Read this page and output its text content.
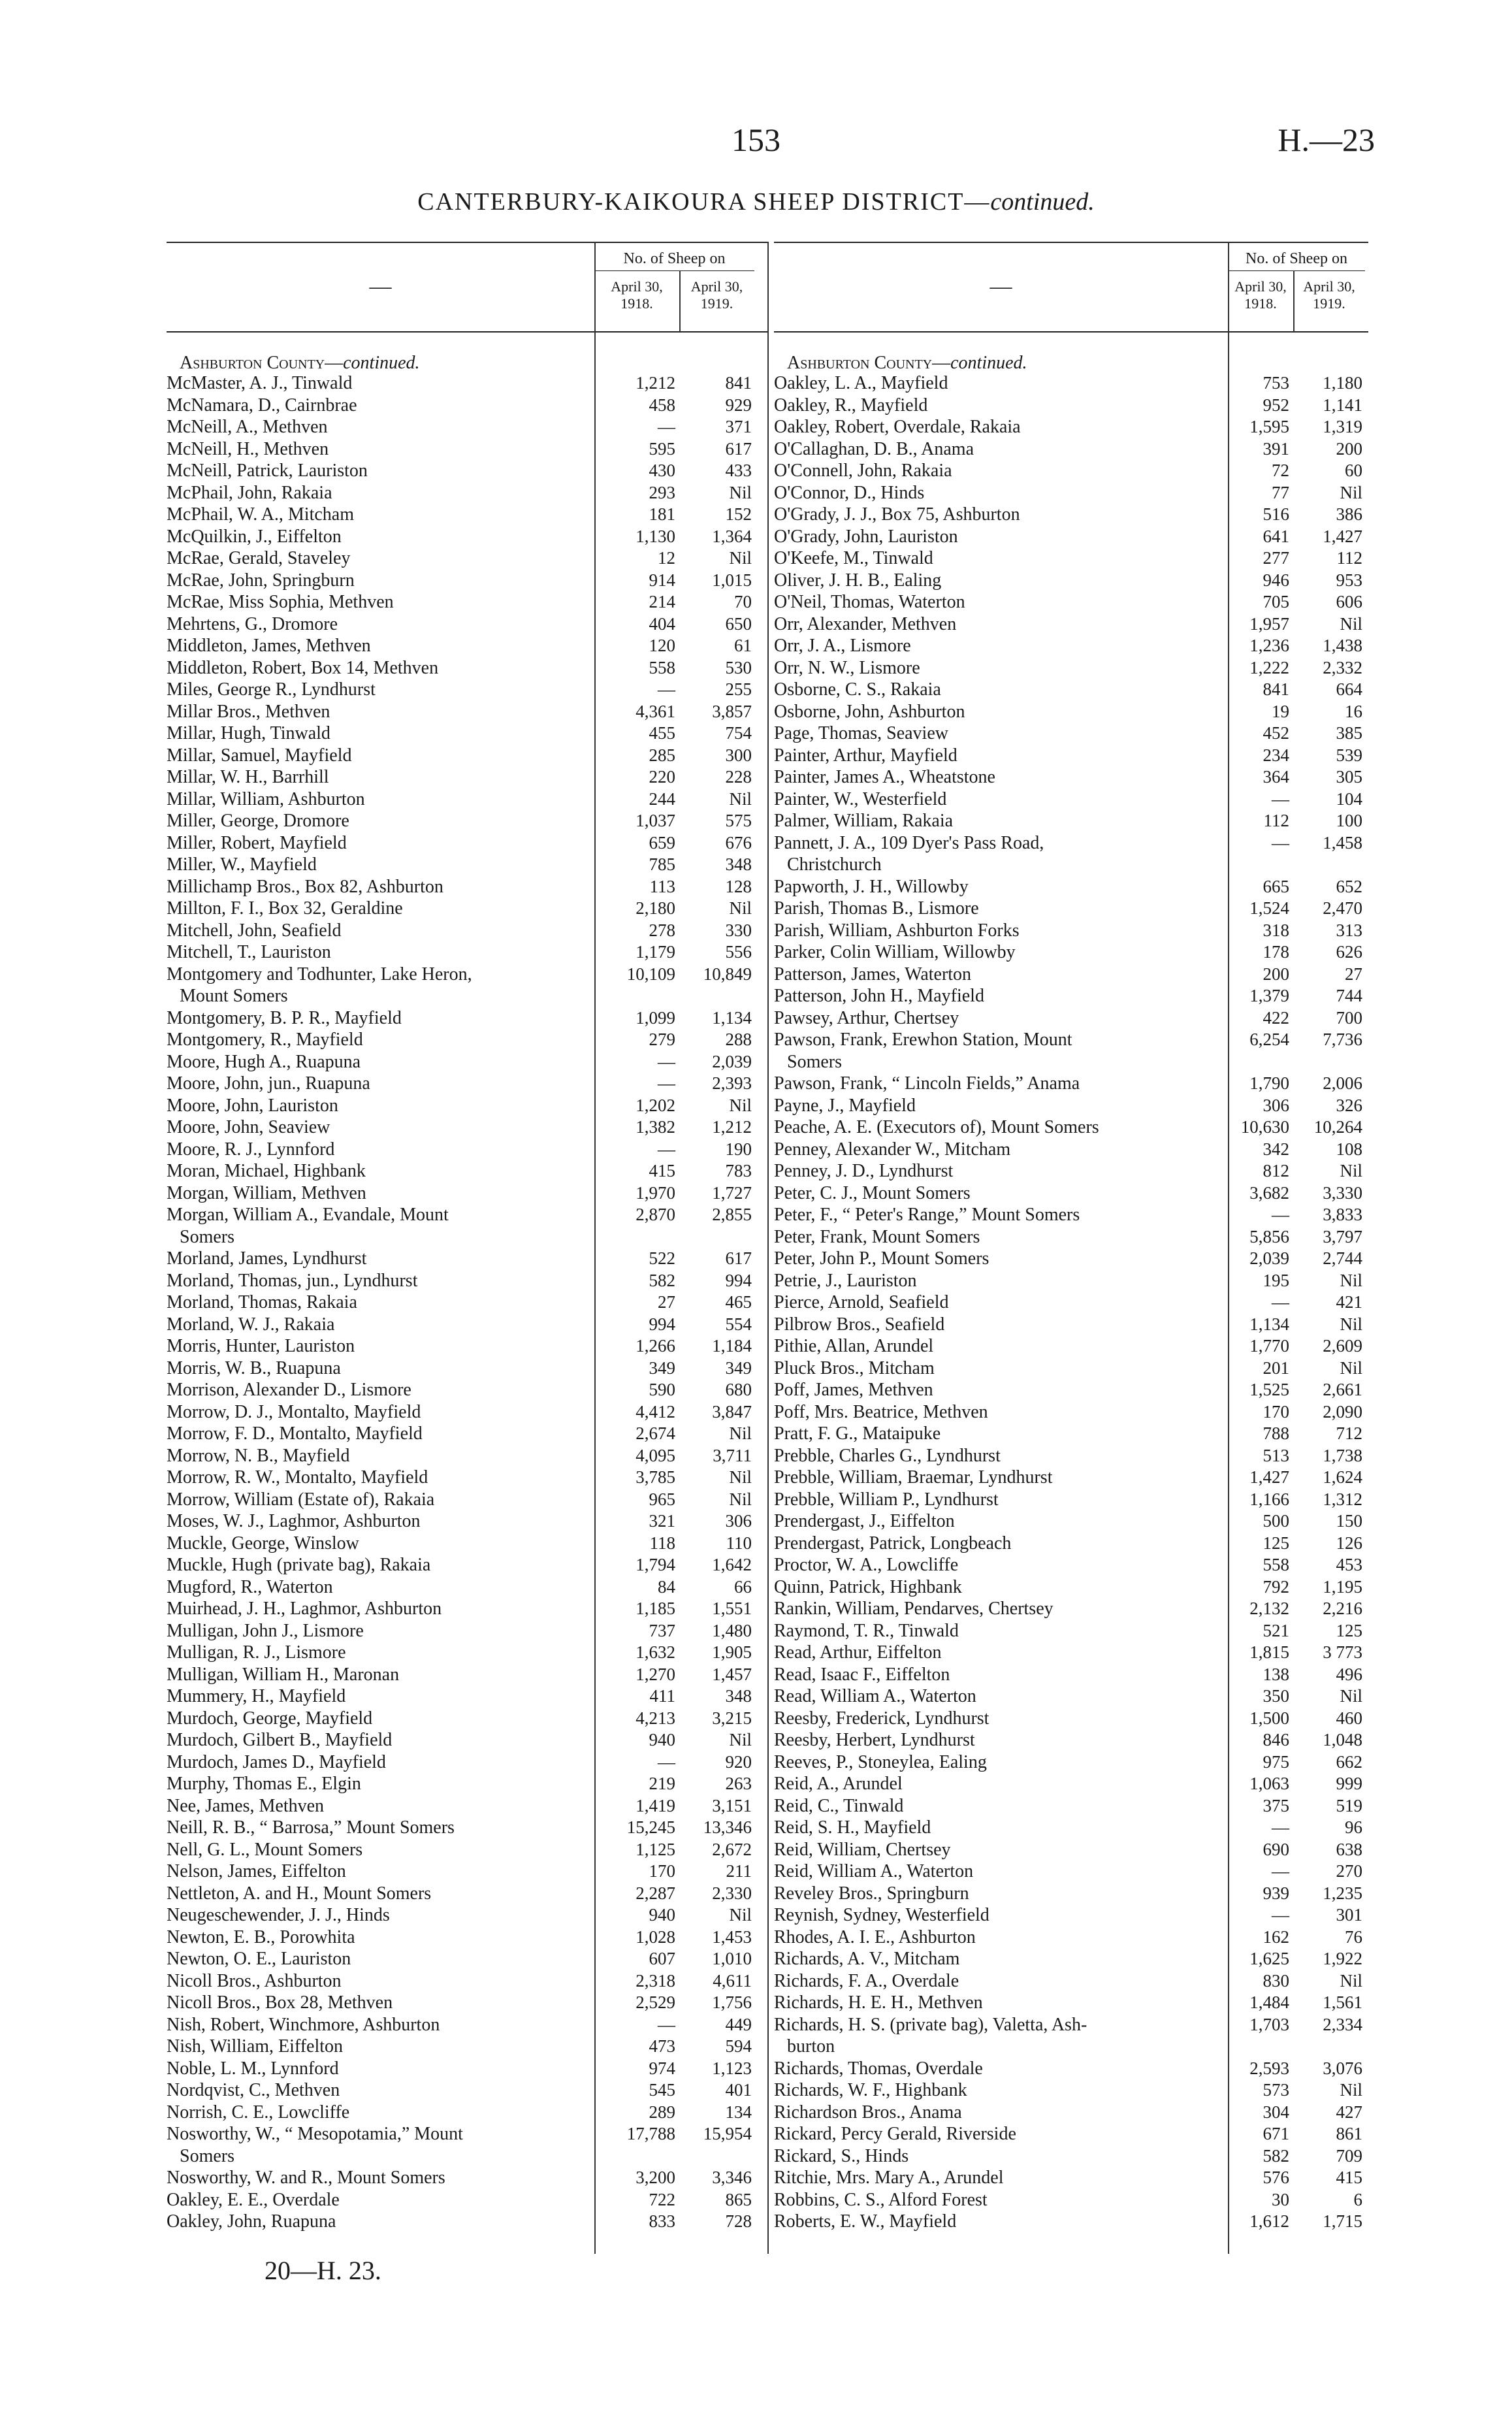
153	H.—23
CANTERBURY-KAIKOURA SHEEP DISTRICT—continued.
—
No. of Sheep on
April 30, 1918.
April 30, 1919.
Ashburton County—continued.
McMaster, A. J., Tinwald	1,212	841
McNamara, D., Cairnbrae	458	929
McNeill, A., Methven	—	371
McNeill, H., Methven	595	617
McNeill, Patrick, Lauriston	430	433
McPhail, John, Rakaia	293	Nil
McPhail, W. A., Mitcham	181	152
McQuilkin, J., Eiffelton	1,130	1,364
McRae, Gerald, Staveley	12	Nil
McRae, John, Springburn	914	1,015
McRae, Miss Sophia, Methven	214	70
Mehrtens, G., Dromore	404	650
Middleton, James, Methven	120	61
Middleton, Robert, Box 14, Methven	558	530
Miles, George R., Lyndhurst	—	255
Millar Bros., Methven	4,361	3,857
Millar, Hugh, Tinwald	455	754
Millar, Samuel, Mayfield	285	300
Millar, W. H., Barrhill	220	228
Millar, William, Ashburton	244	Nil
Miller, George, Dromore	1,037	575
Miller, Robert, Mayfield	659	676
Miller, W., Mayfield	785	348
Millichamp Bros., Box 82, Ashburton	113	128
Millton, F. I., Box 32, Geraldine	2,180	Nil
Mitchell, John, Seafield	278	330
Mitchell, T., Lauriston	1,179	556
Montgomery and Todhunter, Lake Heron,	10,109	10,849
Mount Somers
Montgomery, B. P. R., Mayfield	1,099	1,134
Montgomery, R., Mayfield	279	288
Moore, Hugh A., Ruapuna	—	2,039
Moore, John, jun., Ruapuna	—	2,393
Moore, John, Lauriston	1,202	Nil
Moore, John, Seaview	1,382	1,212
Moore, R. J., Lynnford	—	190
Moran, Michael, Highbank	415	783
Morgan, William, Methven	1,970	1,727
Morgan, William A., Evandale, Mount	2,870	2,855
Somers
Morland, James, Lyndhurst	522	617
Morland, Thomas, jun., Lyndhurst	582	994
Morland, Thomas, Rakaia	27	465
Morland, W. J., Rakaia	994	554
Morris, Hunter, Lauriston	1,266	1,184
Morris, W. B., Ruapuna	349	349
Morrison, Alexander D., Lismore	590	680
Morrow, D. J., Montalto, Mayfield	4,412	3,847
Morrow, F. D., Montalto, Mayfield	2,674	Nil
Morrow, N. B., Mayfield	4,095	3,711
Morrow, R. W., Montalto, Mayfield	3,785	Nil
Morrow, William (Estate of), Rakaia	965	Nil
Moses, W. J., Laghmor, Ashburton	321	306
Muckle, George, Winslow	118	110
Muckle, Hugh (private bag), Rakaia	1,794	1,642
Mugford, R., Waterton	84	66
Muirhead, J. H., Laghmor, Ashburton	1,185	1,551
Mulligan, John J., Lismore	737	1,480
Mulligan, R. J., Lismore	1,632	1,905
Mulligan, William H., Maronan	1,270	1,457
Mummery, H., Mayfield	411	348
Murdoch, George, Mayfield	4,213	3,215
Murdoch, Gilbert B., Mayfield	940	Nil
Murdoch, James D., Mayfield	—	920
Murphy, Thomas E., Elgin	219	263
Nee, James, Methven	1,419	3,151
Neill, R. B., “ Barrosa,” Mount Somers	15,245	13,346
Nell, G. L., Mount Somers	1,125	2,672
Nelson, James, Eiffelton	170	211
Nettleton, A. and H., Mount Somers	2,287	2,330
Neugeschewender, J. J., Hinds	940	Nil
Newton, E. B., Porowhita	1,028	1,453
Newton, O. E., Lauriston	607	1,010
Nicoll Bros., Ashburton	2,318	4,611
Nicoll Bros., Box 28, Methven	2,529	1,756
Nish, Robert, Winchmore, Ashburton	—	449
Nish, William, Eiffelton	473	594
Noble, L. M., Lynnford	974	1,123
Nordqvist, C., Methven	545	401
Norrish, C. E., Lowcliffe	289	134
Nosworthy, W., “ Mesopotamia,” Mount	17,788	15,954
Somers
Nosworthy, W. and R., Mount Somers	3,200	3,346
Oakley, E. E., Overdale	722	865
Oakley, John, Ruapuna	833	728
—
No. of Sheep on
April 30, 1918.
April 30, 1919.
Ashburton County—continued.
Oakley, L. A., Mayfield	753	1,180
Oakley, R., Mayfield	952	1,141
Oakley, Robert, Overdale, Rakaia	1,595	1,319
O'Callaghan, D. B., Anama	391	200
O'Connell, John, Rakaia	72	60
O'Connor, D., Hinds	77	Nil
O'Grady, J. J., Box 75, Ashburton	516	386
O'Grady, John, Lauriston	641	1,427
O'Keefe, M., Tinwald	277	112
Oliver, J. H. B., Ealing	946	953
O'Neil, Thomas, Waterton	705	606
Orr, Alexander, Methven	1,957	Nil
Orr, J. A., Lismore	1,236	1,438
Orr, N. W., Lismore	1,222	2,332
Osborne, C. S., Rakaia	841	664
Osborne, John, Ashburton	19	16
Page, Thomas, Seaview	452	385
Painter, Arthur, Mayfield	234	539
Painter, James A., Wheatstone	364	305
Painter, W., Westerfield	—	104
Palmer, William, Rakaia	112	100
Pannett, J. A., 109 Dyer's Pass Road,	—	1,458
Christchurch
Papworth, J. H., Willowby	665	652
Parish, Thomas B., Lismore	1,524	2,470
Parish, William, Ashburton Forks	318	313
Parker, Colin William, Willowby	178	626
Patterson, James, Waterton	200	27
Patterson, John H., Mayfield	1,379	744
Pawsey, Arthur, Chertsey	422	700
Pawson, Frank, Erewhon Station, Mount	6,254	7,736
Somers
Pawson, Frank, “ Lincoln Fields,” Anama	1,790	2,006
Payne, J., Mayfield	306	326
Peache, A. E. (Executors of), Mount Somers	10,630	10,264
Penney, Alexander W., Mitcham	342	108
Penney, J. D., Lyndhurst	812	Nil
Peter, C. J., Mount Somers	3,682	3,330
Peter, F., “ Peter's Range,” Mount Somers	—	3,833
Peter, Frank, Mount Somers	5,856	3,797
Peter, John P., Mount Somers	2,039	2,744
Petrie, J., Lauriston	195	Nil
Pierce, Arnold, Seafield	—	421
Pilbrow Bros., Seafield	1,134	Nil
Pithie, Allan, Arundel	1,770	2,609
Pluck Bros., Mitcham	201	Nil
Poff, James, Methven	1,525	2,661
Poff, Mrs. Beatrice, Methven	170	2,090
Pratt, F. G., Mataipuke	788	712
Prebble, Charles G., Lyndhurst	513	1,738
Prebble, William, Braemar, Lyndhurst	1,427	1,624
Prebble, William P., Lyndhurst	1,166	1,312
Prendergast, J., Eiffelton	500	150
Prendergast, Patrick, Longbeach	125	126
Proctor, W. A., Lowcliffe	558	453
Quinn, Patrick, Highbank	792	1,195
Rankin, William, Pendarves, Chertsey	2,132	2,216
Raymond, T. R., Tinwald	521	125
Read, Arthur, Eiffelton	1,815	3 773
Read, Isaac F., Eiffelton	138	496
Read, William A., Waterton	350	Nil
Reesby, Frederick, Lyndhurst	1,500	460
Reesby, Herbert, Lyndhurst	846	1,048
Reeves, P., Stoneylea, Ealing	975	662
Reid, A., Arundel	1,063	999
Reid, C., Tinwald	375	519
Reid, S. H., Mayfield	—	96
Reid, William, Chertsey	690	638
Reid, William A., Waterton	—	270
Reveley Bros., Springburn	939	1,235
Reynish, Sydney, Westerfield	—	301
Rhodes, A. I. E., Ashburton	162	76
Richards, A. V., Mitcham	1,625	1,922
Richards, F. A., Overdale	830	Nil
Richards, H. E. H., Methven	1,484	1,561
Richards, H. S. (private bag), Valetta, Ash-	1,703	2,334
burton
Richards, Thomas, Overdale	2,593	3,076
Richards, W. F., Highbank	573	Nil
Richardson Bros., Anama	304	427
Rickard, Percy Gerald, Riverside	671	861
Rickard, S., Hinds	582	709
Ritchie, Mrs. Mary A., Arundel	576	415
Robbins, C. S., Alford Forest	30	6
Roberts, E. W., Mayfield	1,612	1,715
20—H. 23.
